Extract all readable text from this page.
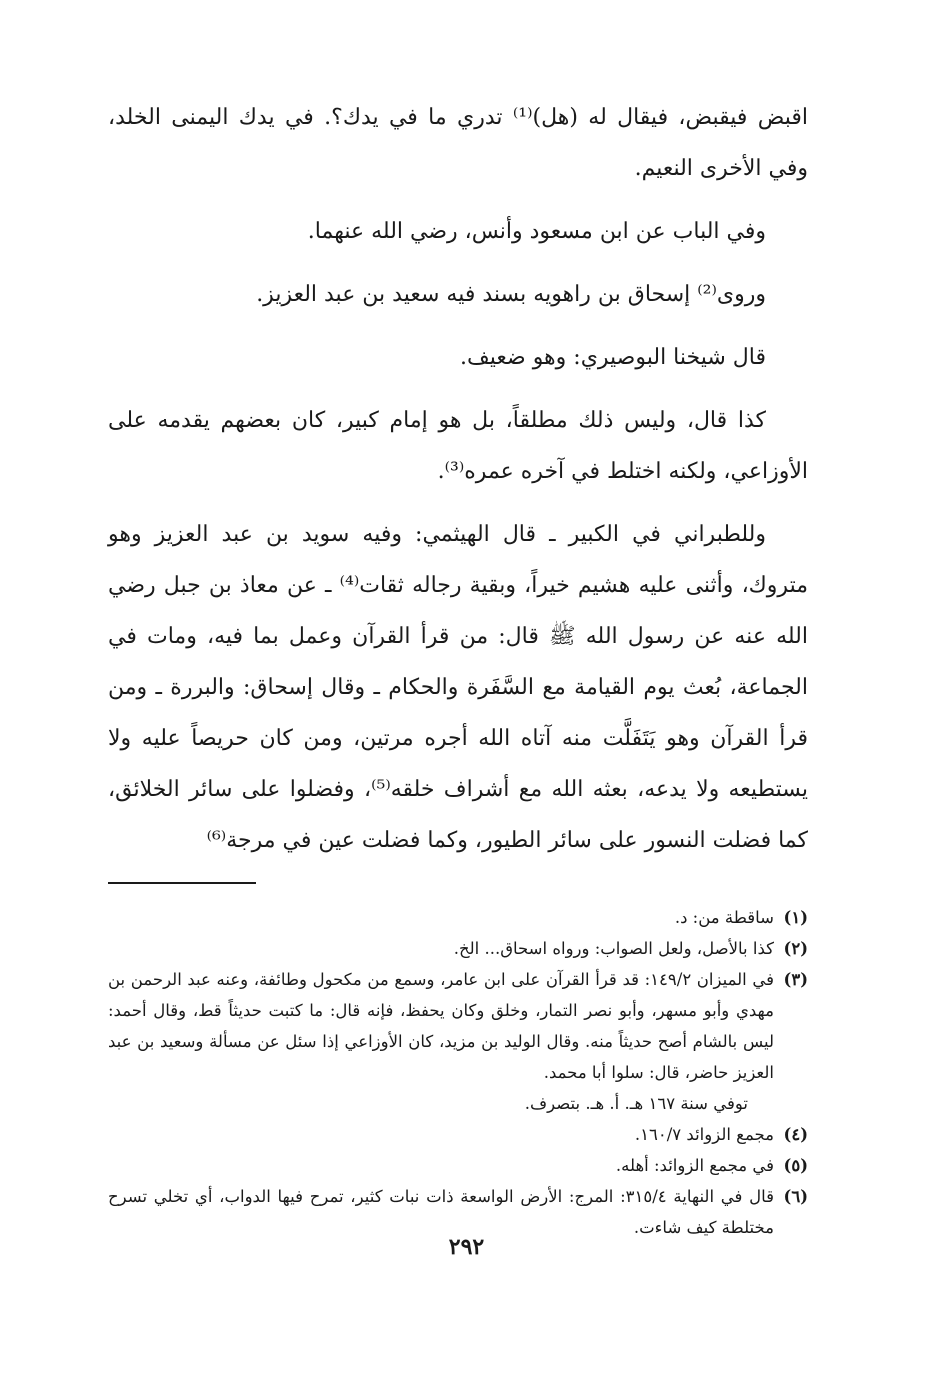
اقبض فيقبض، فيقال له (هل)⁽¹⁾ تدري ما في يدك؟. في يدك اليمنى الخلد، وفي الأخرى النعيم.

وفي الباب عن ابن مسعود وأنس، رضي الله عنهما.

وروى⁽²⁾ إسحاق بن راهويه بسند فيه سعيد بن عبد العزيز.

قال شيخنا البوصيري: وهو ضعيف.

كذا قال، وليس ذلك مطلقاً، بل هو إمام كبير، كان بعضهم يقدمه على الأوزاعي، ولكنه اختلط في آخره عمره⁽³⁾.

وللطبراني في الكبير ـ قال الهيثمي: وفيه سويد بن عبد العزيز وهو متروك، وأثنى عليه هشيم خيراً، وبقية رجاله ثقات⁽⁴⁾ ـ عن معاذ بن جبل رضي الله عنه عن رسول الله ﷺ قال: من قرأ القرآن وعمل بما فيه، ومات في الجماعة، بُعث يوم القيامة مع السَّفَرة والحكام ـ وقال إسحاق: والبررة ـ ومن قرأ القرآن وهو يَتَفَلَّت منه آتاه الله أجره مرتين، ومن كان حريصاً عليه ولا يستطيعه ولا يدعه، بعثه الله مع أشراف خلقه⁽⁵⁾، وفضلوا على سائر الخلائق، كما فضلت النسور على سائر الطيور، وكما فضلت عين في مرجة⁽⁶⁾

(١)
ساقطة من: د.

(٢)
كذا بالأصل، ولعل الصواب: ورواه اسحاق... الخ.

(٣)
في الميزان ١٤٩/٢: قد قرأ القرآن على ابن عامر، وسمع من مكحول وطائفة، وعنه عبد الرحمن بن مهدي وأبو مسهر، وأبو نصر التمار، وخلق وكان يحفظ، فإنه قال: ما كتبت حديثاً قط، وقال أحمد: ليس بالشام أصح حديثاً منه. وقال الوليد بن مزيد، كان الأوزاعي إذا سئل عن مسألة وسعيد بن عبد العزيز حاضر، قال: سلوا أبا محمد.

توفي سنة ١٦٧ هـ. أ. هـ. بتصرف.

(٤)
مجمع الزوائد ١٦٠/٧.

(٥)
في مجمع الزوائد: أهله.

(٦)
قال في النهاية ٣١٥/٤: المرج: الأرض الواسعة ذات نبات كثير، تمرح فيها الدواب، أي تخلي تسرح مختلطة كيف شاءت.

٢٩٢
